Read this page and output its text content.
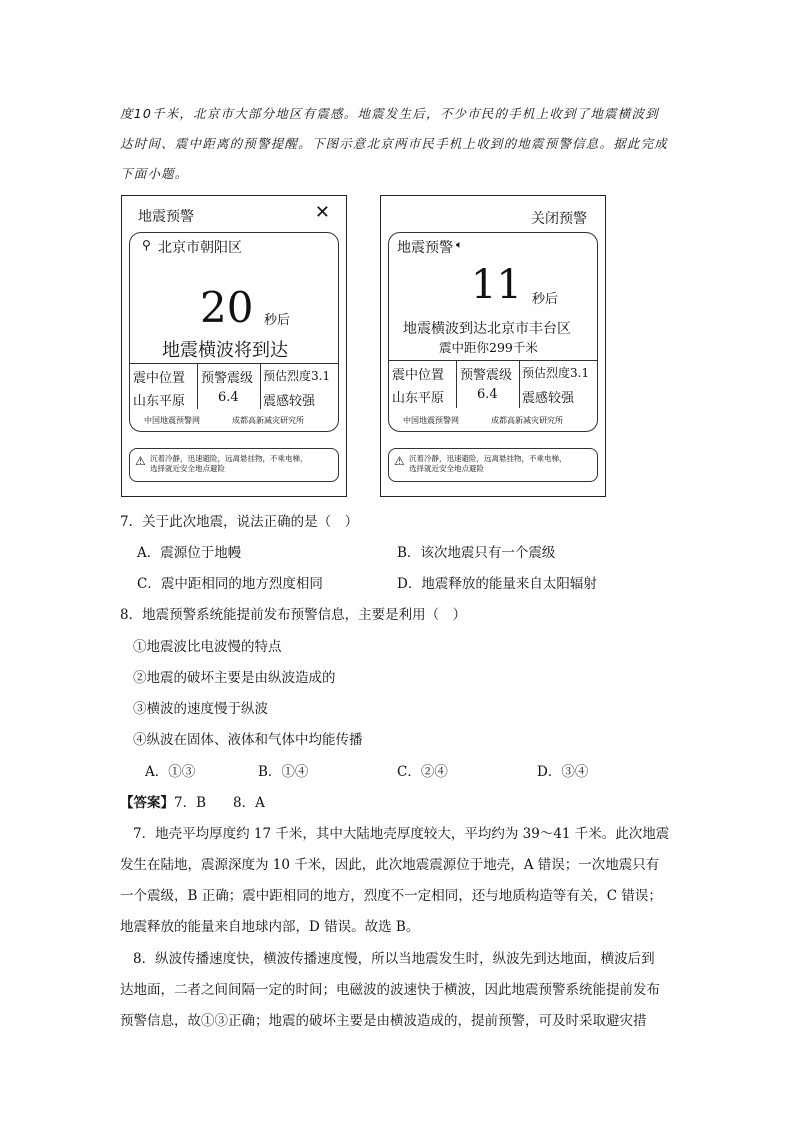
度10千米，北京市大部分地区有震感。地震发生后，不少市民的手机上收到了地震横波到
达时间、震中距离的预警提醒。下图示意北京两市民手机上收到的地震预警信息。据此完成
下面小题。
地震预警	✕
⚲ 北京市朝阳区
20 秒后
地震横波将到达
震中位置
山东平原
预警震级
6.4
预估烈度3.1
震感较强
中国地震预警网	成都高新减灾研究所
⚠ 沉着冷静，迅速避险，远离悬挂物，不乘电梯，
选择就近安全地点避险
关闭预警
地震预警 🔈︎
11 秒后
地震横波到达北京市丰台区
震中距你299千米
震中位置
山东平原
预警震级
6.4
预估烈度3.1
震感较强
中国地震预警网	成都高新减灾研究所
⚠ 沉着冷静，迅速避险，远离悬挂物，不乘电梯，
选择就近安全地点避险
7．关于此次地震，说法正确的是（　）
A．震源位于地幔	B．该次地震只有一个震级
C．震中距相同的地方烈度相同	D．地震释放的能量来自太阳辐射
8．地震预警系统能提前发布预警信息，主要是利用（　）
①地震波比电波慢的特点
②地震的破坏主要是由纵波造成的
③横波的速度慢于纵波
④纵波在固体、液体和气体中均能传播
A．①③	B．①④	C．②④	D．③④
【答案】7．B　　8．A
7．地壳平均厚度约 17 千米，其中大陆地壳厚度较大，平均约为 39～41 千米。此次地震
发生在陆地，震源深度为 10 千米，因此，此次地震震源位于地壳，A 错误；一次地震只有
一个震级，B 正确；震中距相同的地方，烈度不一定相同，还与地质构造等有关，C 错误；
地震释放的能量来自地球内部，D 错误。故选 B。
8．纵波传播速度快，横波传播速度慢，所以当地震发生时，纵波先到达地面，横波后到
达地面，二者之间间隔一定的时间；电磁波的波速快于横波，因此地震预警系统能提前发布
预警信息，故①③正确；地震的破坏主要是由横波造成的，提前预警，可及时采取避灾措
